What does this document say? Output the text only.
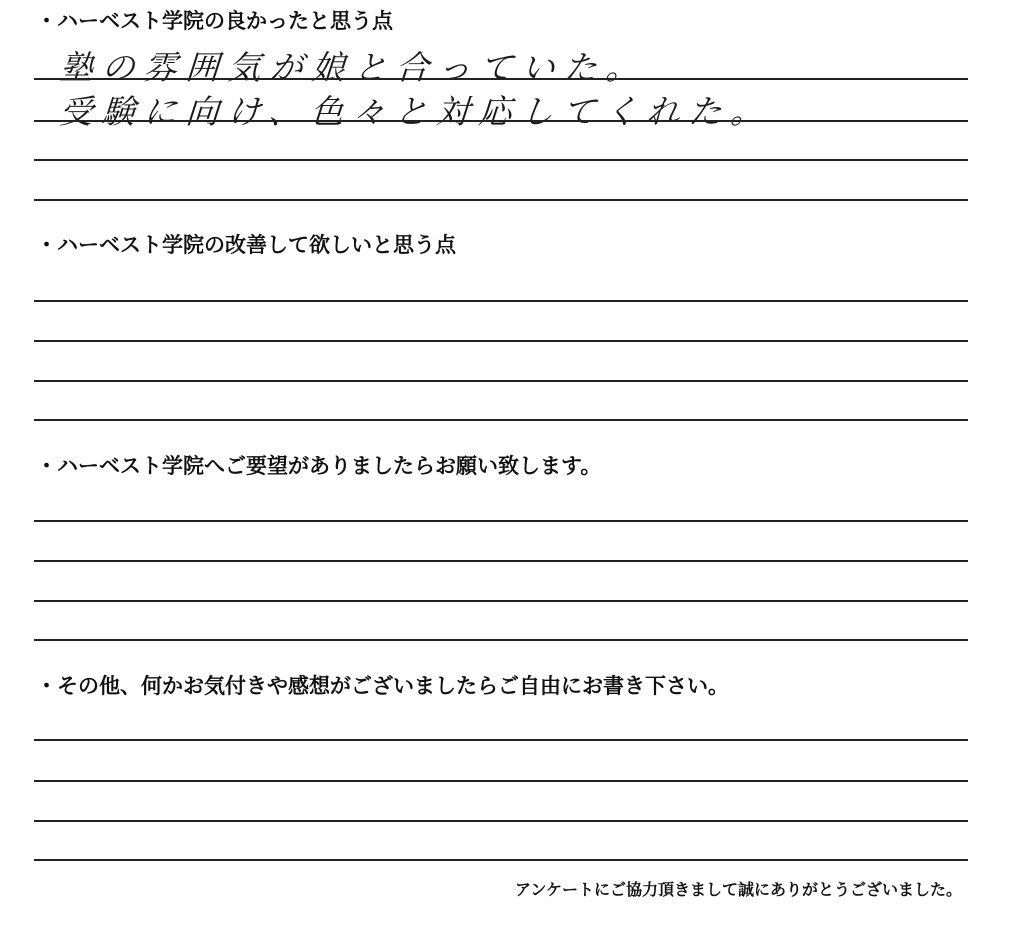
・ハーベスト学院の良かったと思う点
塾の雰囲気が娘と合っていた。
受験に向け、色々と対応してくれた。
・ハーベスト学院の改善して欲しいと思う点
・ハーベスト学院へご要望がありましたらお願い致します。
・その他、何かお気付きや感想がございましたらご自由にお書き下さい。
アンケートにご協力頂きまして誠にありがとうございました。
